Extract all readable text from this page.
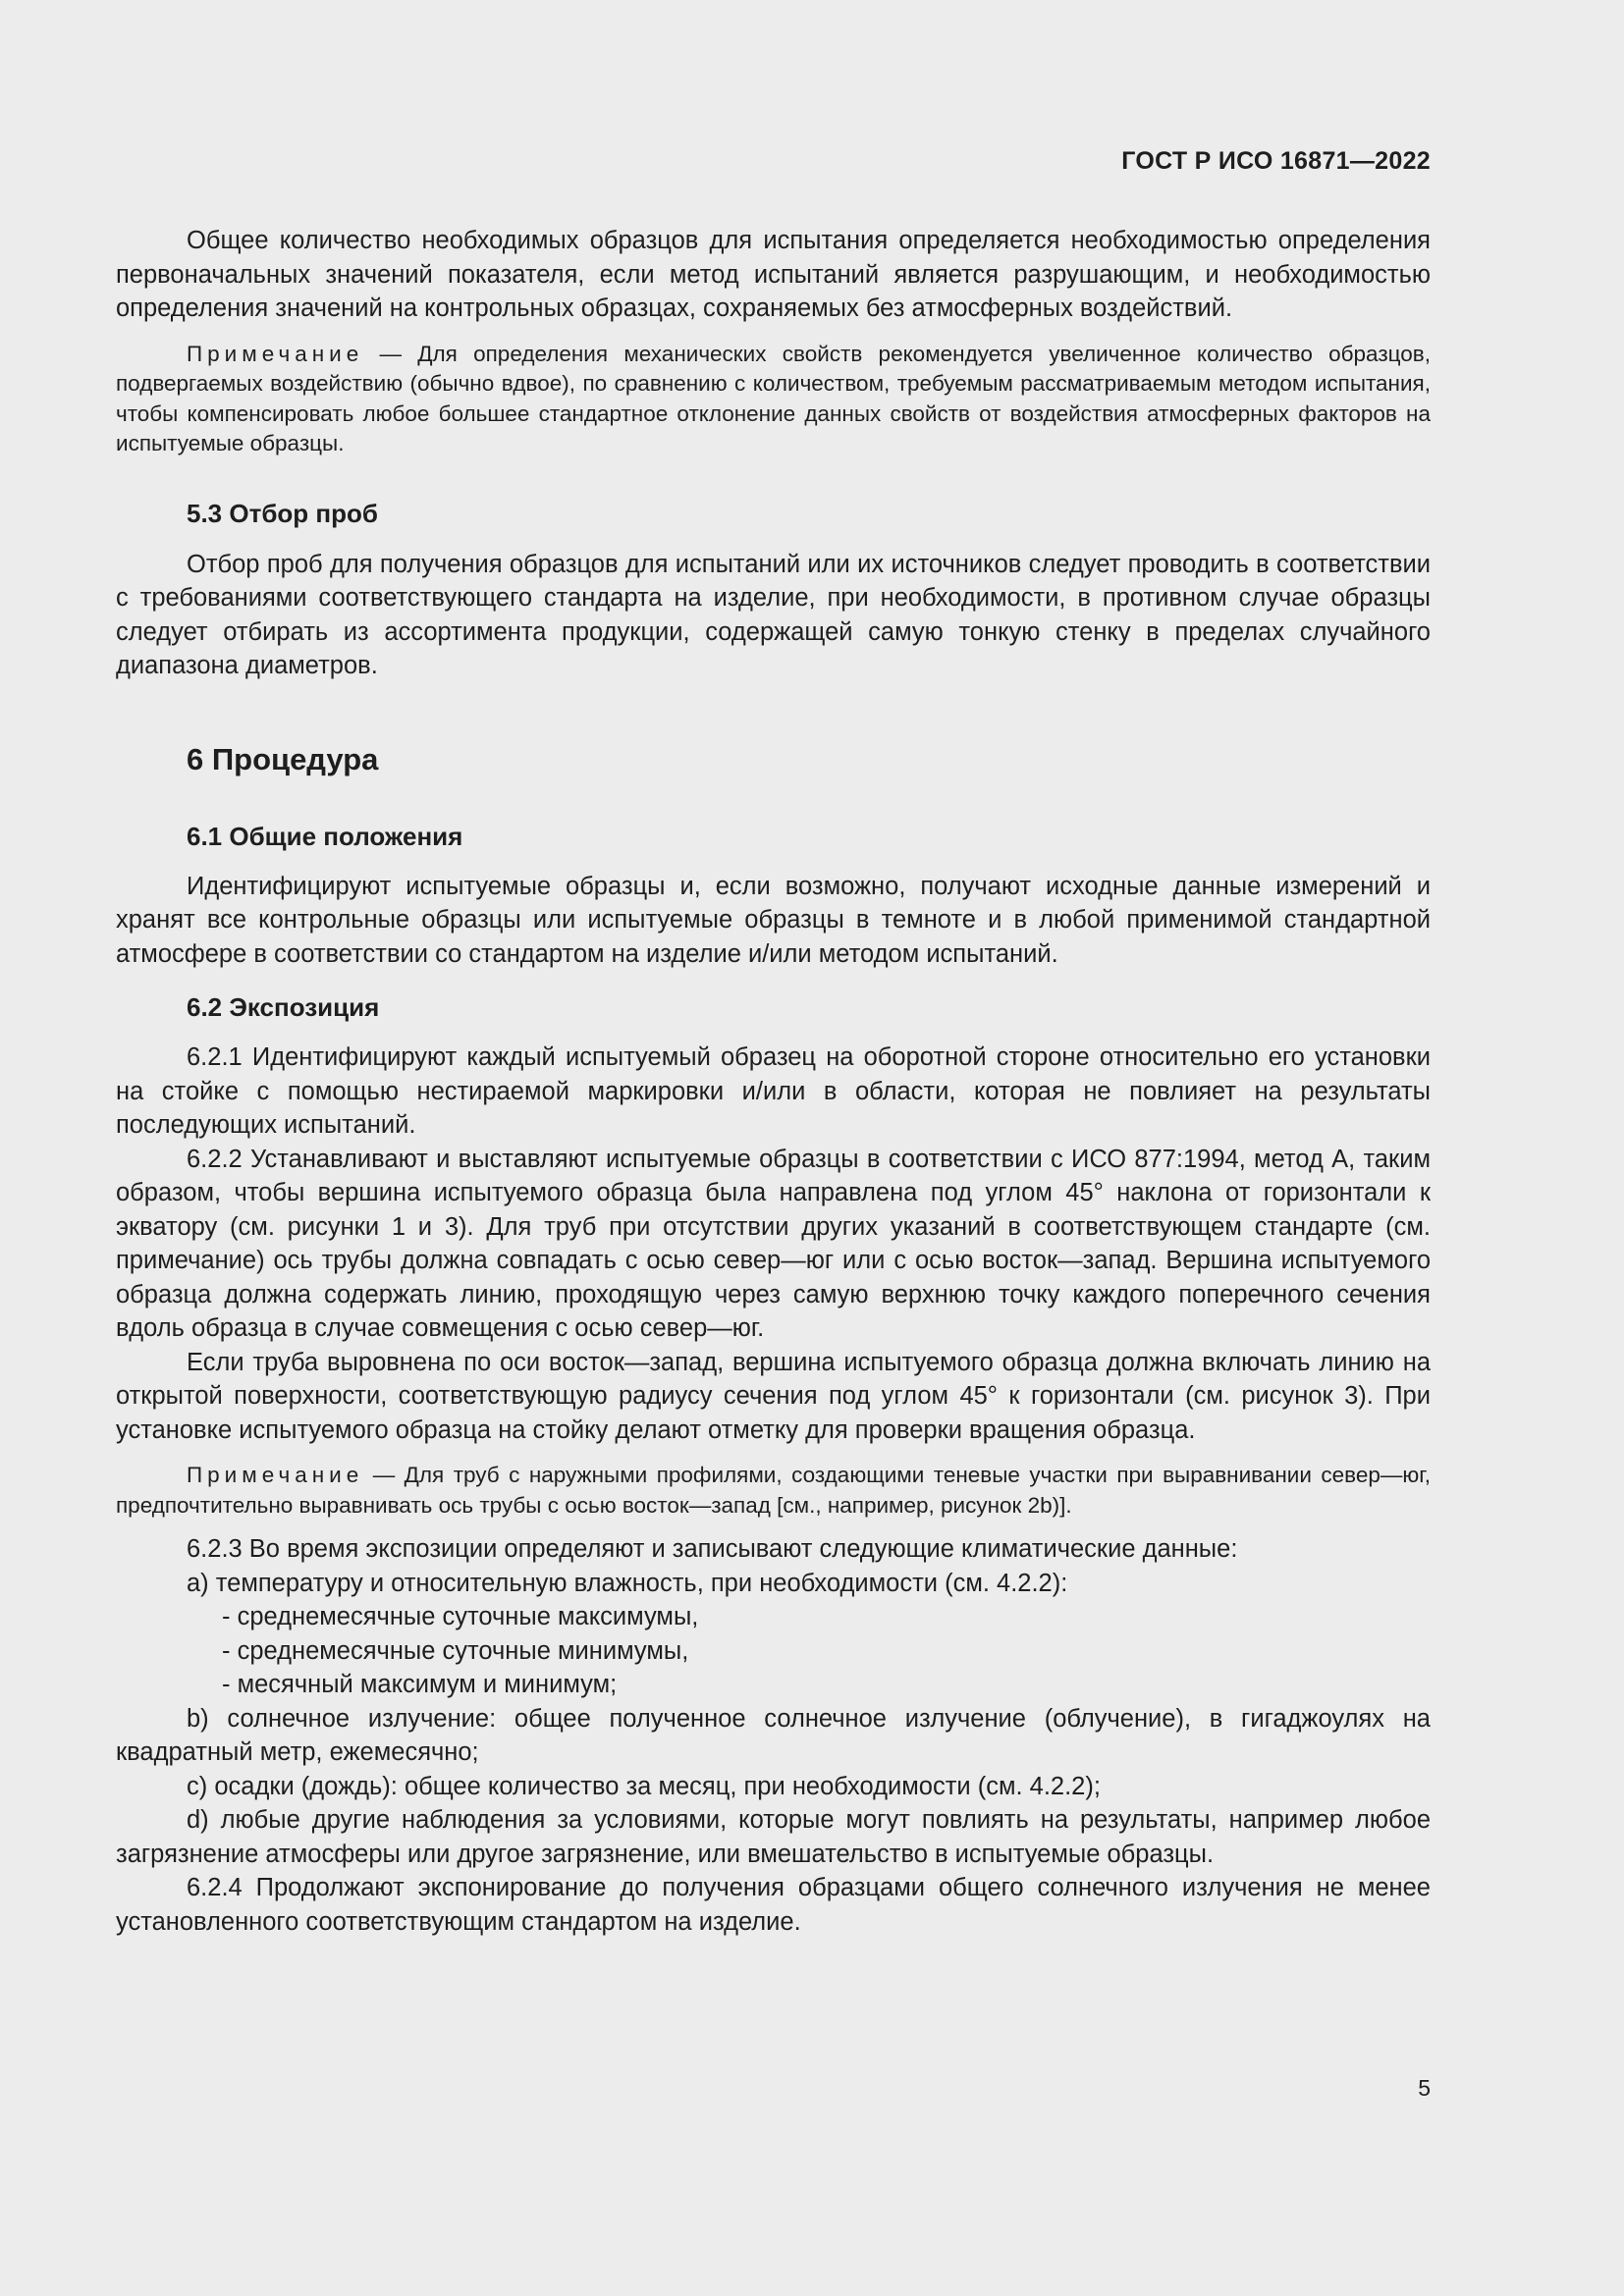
ГОСТ Р ИСО 16871—2022

Общее количество необходимых образцов для испытания определяется необходимостью определения первоначальных значений показателя, если метод испытаний является разрушающим, и необходимостью определения значений на контрольных образцах, сохраняемых без атмосферных воздействий.

Примечание — Для определения механических свойств рекомендуется увеличенное количество образцов, подвергаемых воздействию (обычно вдвое), по сравнению с количеством, требуемым рассматриваемым методом испытания, чтобы компенсировать любое большее стандартное отклонение данных свойств от воздействия атмосферных факторов на испытуемые образцы.

5.3 Отбор проб

Отбор проб для получения образцов для испытаний или их источников следует проводить в соответствии с требованиями соответствующего стандарта на изделие, при необходимости, в противном случае образцы следует отбирать из ассортимента продукции, содержащей самую тонкую стенку в пределах случайного диапазона диаметров.

6 Процедура
6.1 Общие положения

Идентифицируют испытуемые образцы и, если возможно, получают исходные данные измерений и хранят все контрольные образцы или испытуемые образцы в темноте и в любой применимой стандартной атмосфере в соответствии со стандартом на изделие и/или методом испытаний.

6.2 Экспозиция

6.2.1 Идентифицируют каждый испытуемый образец на оборотной стороне относительно его установки на стойке с помощью нестираемой маркировки и/или в области, которая не повлияет на результаты последующих испытаний.

6.2.2 Устанавливают и выставляют испытуемые образцы в соответствии с ИСО 877:1994, метод А, таким образом, чтобы вершина испытуемого образца была направлена под углом 45° наклона от горизонтали к экватору (см. рисунки 1 и 3). Для труб при отсутствии других указаний в соответствующем стандарте (см. примечание) ось трубы должна совпадать с осью север—юг или с осью восток—запад. Вершина испытуемого образца должна содержать линию, проходящую через самую верхнюю точку каждого поперечного сечения вдоль образца в случае совмещения с осью север—юг.

Если труба выровнена по оси восток—запад, вершина испытуемого образца должна включать линию на открытой поверхности, соответствующую радиусу сечения под углом 45° к горизонтали (см. рисунок 3). При установке испытуемого образца на стойку делают отметку для проверки вращения образца.

Примечание — Для труб с наружными профилями, создающими теневые участки при выравнивании север—юг, предпочтительно выравнивать ось трубы с осью восток—запад [см., например, рисунок 2b)].

6.2.3 Во время экспозиции определяют и записывают следующие климатические данные:

a) температуру и относительную влажность, при необходимости (см. 4.2.2):

- среднемесячные суточные максимумы,

- среднемесячные суточные минимумы,

- месячный максимум и минимум;

b) солнечное излучение: общее полученное солнечное излучение (облучение), в гигаджоулях на квадратный метр, ежемесячно;

c) осадки (дождь): общее количество за месяц, при необходимости (см. 4.2.2);

d) любые другие наблюдения за условиями, которые могут повлиять на результаты, например любое загрязнение атмосферы или другое загрязнение, или вмешательство в испытуемые образцы.

6.2.4 Продолжают экспонирование до получения образцами общего солнечного излучения не менее установленного соответствующим стандартом на изделие.

5
